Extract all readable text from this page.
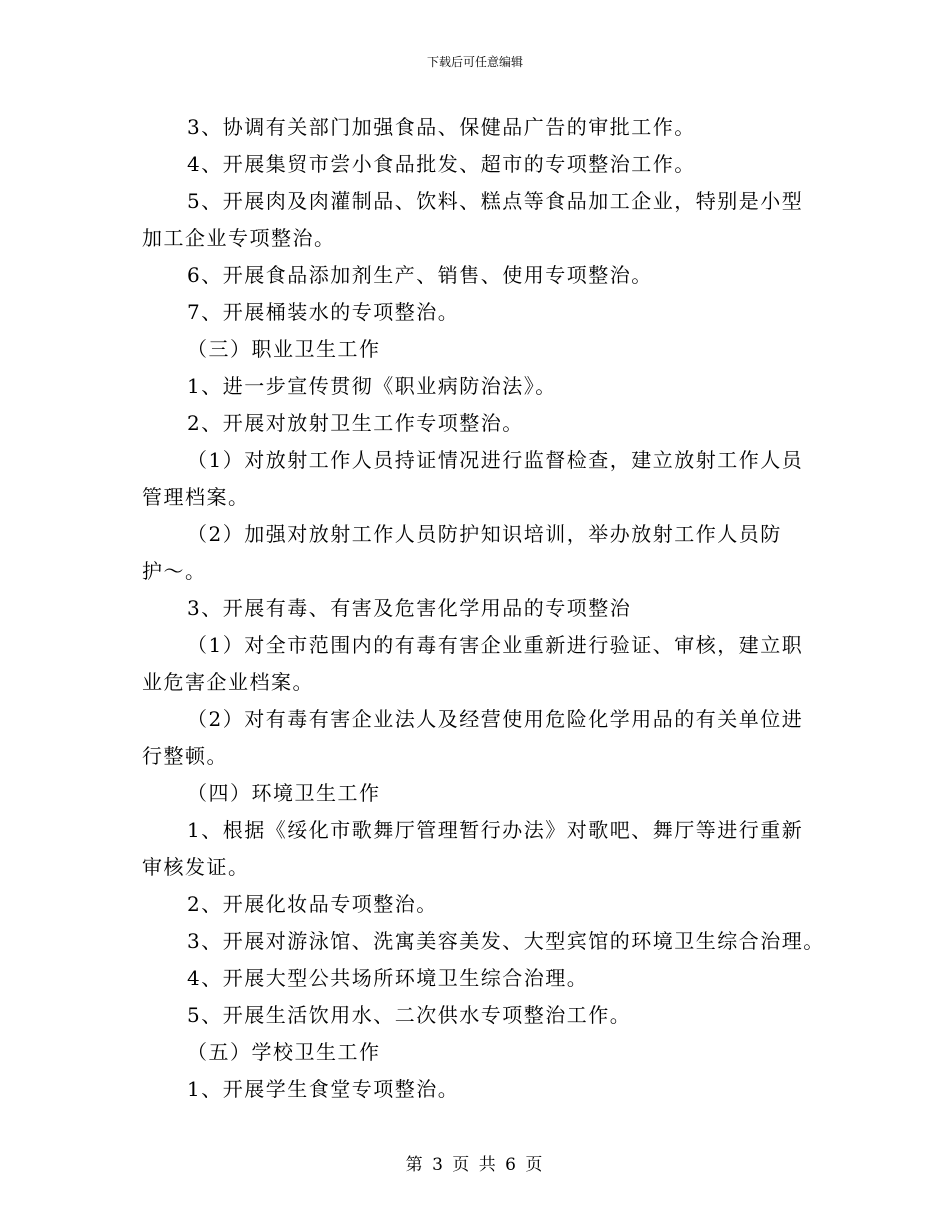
下载后可任意编辑

3、协调有关部门加强食品、保健品广告的审批工作。

4、开展集贸市尝小食品批发、超市的专项整治工作。

5、开展肉及肉灌制品、饮料、糕点等食品加工企业，特别是小型

加工企业专项整治。

6、开展食品添加剂生产、销售、使用专项整治。

7、开展桶装水的专项整治。

（三）职业卫生工作

1、进一步宣传贯彻《职业病防治法》。

2、开展对放射卫生工作专项整治。

（1）对放射工作人员持证情况进行监督检查，建立放射工作人员

管理档案。

（2）加强对放射工作人员防护知识培训，举办放射工作人员防

护～。

3、开展有毒、有害及危害化学用品的专项整治

（1）对全市范围内的有毒有害企业重新进行验证、审核，建立职

业危害企业档案。

（2）对有毒有害企业法人及经营使用危险化学用品的有关单位进

行整顿。

（四）环境卫生工作

1、根据《绥化市歌舞厅管理暂行办法》对歌吧、舞厅等进行重新

审核发证。

2、开展化妆品专项整治。

3、开展对游泳馆、洗寓美容美发、大型宾馆的环境卫生综合治理。

4、开展大型公共场所环境卫生综合治理。

5、开展生活饮用水、二次供水专项整治工作。

（五）学校卫生工作

1、开展学生食堂专项整治。

第 3 页 共 6 页
